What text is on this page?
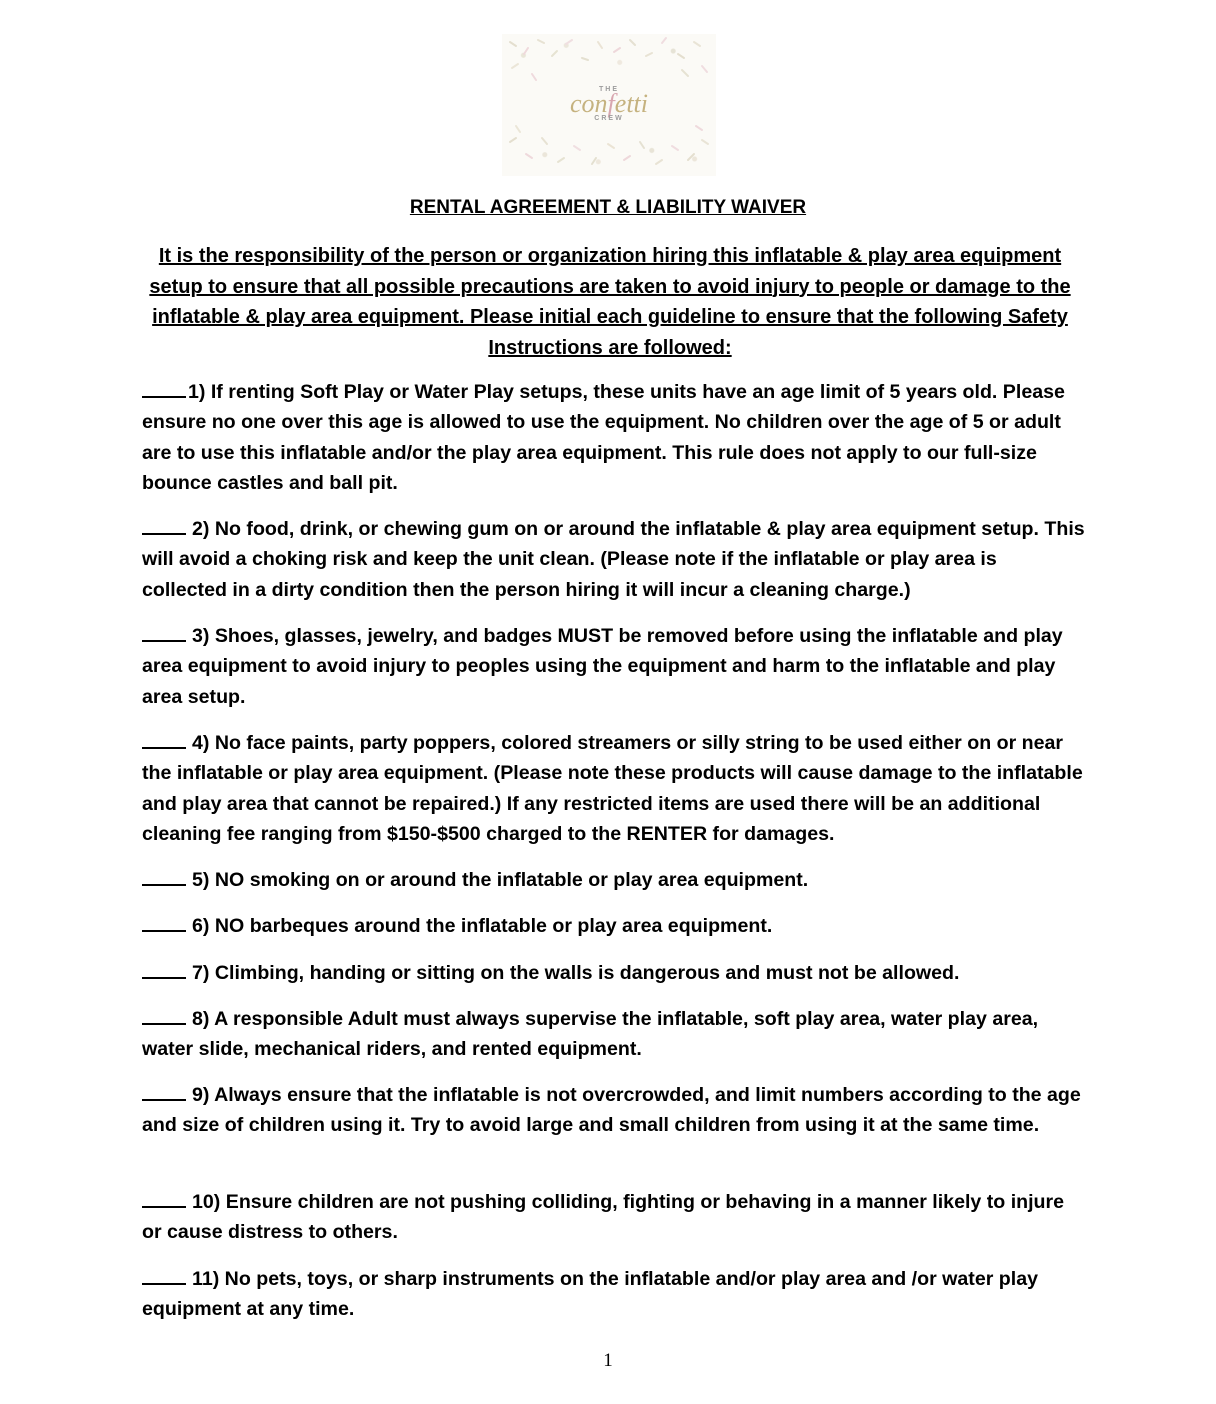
THE
confetti
CREW
RENTAL AGREEMENT & LIABILITY WAIVER
It is the responsibility of the person or organization hiring this inflatable & play area equipment setup to ensure that all possible precautions are taken to avoid injury to people or damage to the inflatable & play area equipment. Please initial each guideline to ensure that the following Safety Instructions are followed:
1) If renting Soft Play or Water Play setups, these units have an age limit of 5 years old. Please ensure no one over this age is allowed to use the equipment. No children over the age of 5 or adult are to use this inflatable and/or the play area equipment. This rule does not apply to our full-size bounce castles and ball pit.
2) No food, drink, or chewing gum on or around the inflatable & play area equipment setup. This will avoid a choking risk and keep the unit clean. (Please note if the inflatable or play area is collected in a dirty condition then the person hiring it will incur a cleaning charge.)
3) Shoes, glasses, jewelry, and badges MUST be removed before using the inflatable and play area equipment to avoid injury to peoples using the equipment and harm to the inflatable and play area setup.
4) No face paints, party poppers, colored streamers or silly string to be used either on or near the inflatable or play area equipment. (Please note these products will cause damage to the inflatable and play area that cannot be repaired.) If any restricted items are used there will be an additional cleaning fee ranging from $150-$500 charged to the RENTER for damages.
5) NO smoking on or around the inflatable or play area equipment.
6) NO barbeques around the inflatable or play area equipment.
7) Climbing, handing or sitting on the walls is dangerous and must not be allowed.
8) A responsible Adult must always supervise the inflatable, soft play area, water play area, water slide, mechanical riders, and rented equipment.
9) Always ensure that the inflatable is not overcrowded, and limit numbers according to the age and size of children using it. Try to avoid large and small children from using it at the same time.
10) Ensure children are not pushing colliding, fighting or behaving in a manner likely to injure or cause distress to others.
11) No pets, toys, or sharp instruments on the inflatable and/or play area and /or water play equipment at any time.
1
